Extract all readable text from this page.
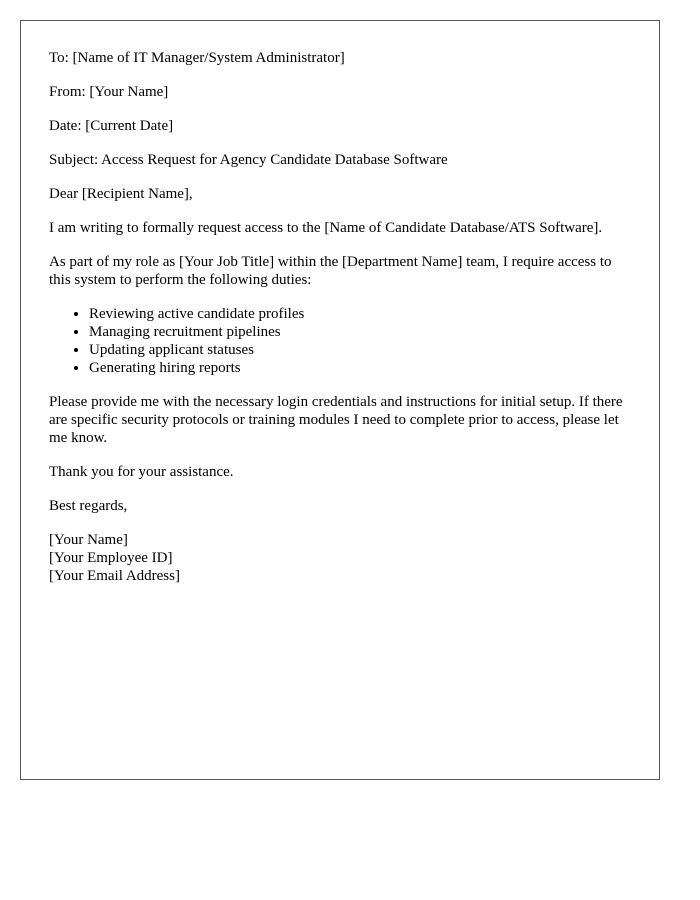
To: [Name of IT Manager/System Administrator]

From: [Your Name]

Date: [Current Date]

Subject: Access Request for Agency Candidate Database Software

Dear [Recipient Name],

I am writing to formally request access to the [Name of Candidate Database/ATS Software].

As part of my role as [Your Job Title] within the [Department Name] team, I require access to this system to perform the following duties:

• Reviewing active candidate profiles
• Managing recruitment pipelines
• Updating applicant statuses
• Generating hiring reports

Please provide me with the necessary login credentials and instructions for initial setup. If there are specific security protocols or training modules I need to complete prior to access, please let me know.

Thank you for your assistance.

Best regards,

[Your Name]
[Your Employee ID]
[Your Email Address]
